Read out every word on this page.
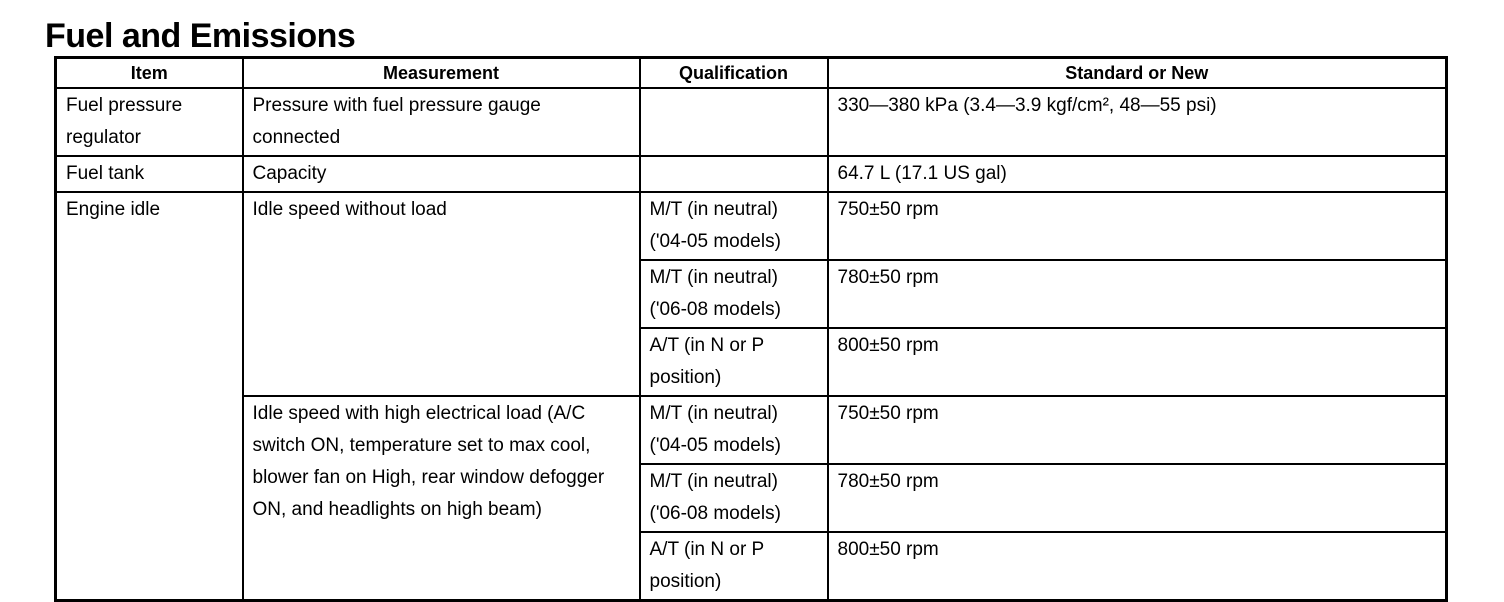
Fuel and Emissions
Item	Measurement	Qualification	Standard or New
Fuel pressure regulator	Pressure with fuel pressure gauge connected		330—380 kPa (3.4—3.9 kgf/cm², 48—55 psi)
Fuel tank	Capacity		64.7 L (17.1 US gal)
Engine idle	Idle speed without load	M/T (in neutral) ('04-05 models)	750±50 rpm
		M/T (in neutral) ('06-08 models)	780±50 rpm
		A/T (in N or P position)	800±50 rpm
	Idle speed with high electrical load (A/C switch ON, temperature set to max cool, blower fan on High, rear window defogger ON, and headlights on high beam)	M/T (in neutral) ('04-05 models)	750±50 rpm
		M/T (in neutral) ('06-08 models)	780±50 rpm
		A/T (in N or P position)	800±50 rpm
